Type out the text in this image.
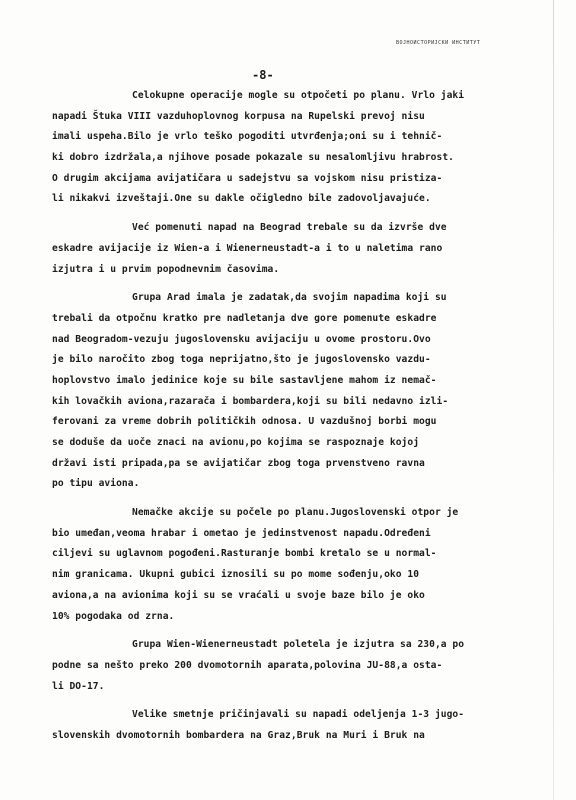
ВОЈНОИСТОРИЈСКИ ИНСТИТУТ
-8-
Celokupne operacije mogle su otpočeti po planu. Vrlo jaki
napadi Štuka VIII vazduhoplovnog korpusa na Rupelski prevoj nisu
imali uspeha.Bilo je vrlo teško pogoditi utvrđenja;oni su i tehnič-
ki dobro izdržala,a njihove posade pokazale su nesalomljivu hrabrost.
O drugim akcijama avijatičara u sadejstvu sa vojskom nisu pristiza-
li nikakvi izveštaji.One su dakle očigledno bile zadovoljavajuće.
Već pomenuti napad na Beograd trebale su da izvrše dve
eskadre avijacije iz Wien-a i Wienerneustadt-a i to u naletima rano
izjutra i u prvim popodnevnim časovima.
Grupa Arad imala je zadatak,da svojim napadima koji su
trebali da otpočnu kratko pre nadletanja dve gore pomenute eskadre
nad Beogradom-vezuju jugoslovensku avijaciju u ovome prostoru.Ovo
je bilo naročito zbog toga nepriјatno,što je jugoslovensko vazdu-
hoplovstvo imalo jedinice koje su bile sastavljene mahom iz nemač-
kih lovačkih aviona,razarača i bombardera,koji su bili nedavno izli-
ferovani za vreme dobrih političkih odnosa. U vazdušnoj borbi mogu
se doduše da uoče znaci na avionu,po kojima se raspoznaje kojoj
državi isti pripada,pa se avijatičar zbog toga prvenstveno ravna
po tipu aviona.
Nemačke akcije su počele po planu.Jugoslovenski otpor je
bio umeđan,veoma hrabar i ometao je jedinstvenost napadu.Određeni
ciljevi su uglavnom pogođeni.Rasturanje bombi kretalo se u normal-
nim granicama. Ukupni gubici iznosili su po mome sođenju,oko 10
aviona,a na avionima koji su se vraćali u svoje baze bilo je oko
10% pogodaka od zrna.
Grupa Wien-Wienerneustadt poletela je izjutra sa 230,a po
podne sa nešto preko 200 dvomotornih aparata,polovina JU-88,a osta-
li DO-17.
Velike smetnje pričinjavali su napadi odeljenja 1-3 jugo-
slovenskih dvomotornih bombardera na Graz,Bruk na Muri i Bruk na
